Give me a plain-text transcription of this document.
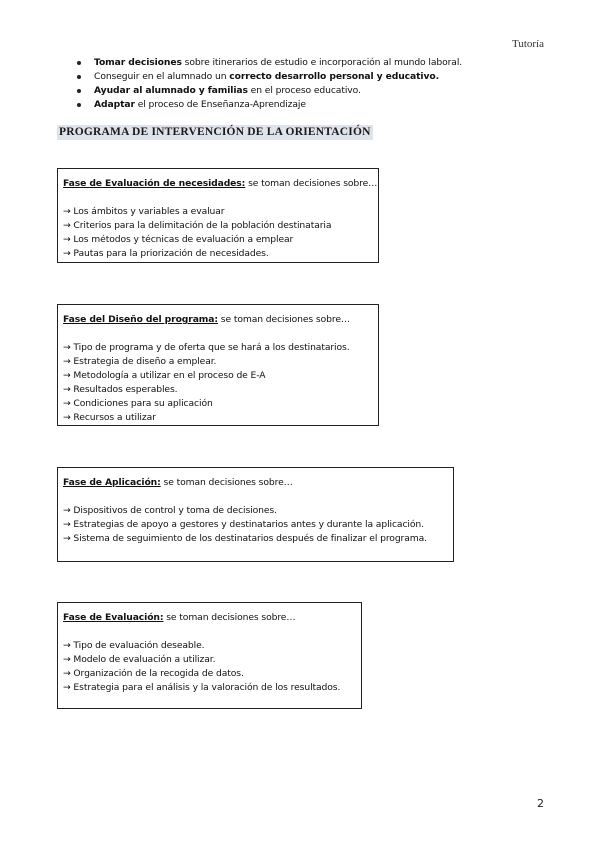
Tutoría
Tomar decisiones sobre itinerarios de estudio e incorporación al mundo laboral.
Conseguir en el alumnado un correcto desarrollo personal y educativo.
Ayudar al alumnado y familias en el proceso educativo.
Adaptar el proceso de Enseñanza-Aprendizaje
PROGRAMA DE INTERVENCIÓN DE LA ORIENTACIÓN
Fase de Evaluación de necesidades: se toman decisiones sobre…
→ Los ámbitos y variables a evaluar
→ Criterios para la delimitación de la población destinataria
→ Los métodos y técnicas de evaluación a emplear
→ Pautas para la priorización de necesidades.
Fase del Diseño del programa: se toman decisiones sobre…
→ Tipo de programa y de oferta que se hará a los destinatarios.
→ Estrategia de diseño a emplear.
→ Metodología a utilizar en el proceso de E-A
→ Resultados esperables.
→ Condiciones para su aplicación
→ Recursos a utilizar
Fase de Aplicación: se toman decisiones sobre…
→ Dispositivos de control y toma de decisiones.
→ Estrategias de apoyo a gestores y destinatarios antes y durante la aplicación.
→ Sistema de seguimiento de los destinatarios después de finalizar el programa.
Fase de Evaluación: se toman decisiones sobre…
→ Tipo de evaluación deseable.
→ Modelo de evaluación a utilizar.
→ Organización de la recogida de datos.
→ Estrategia para el análisis y la valoración de los resultados.
2
